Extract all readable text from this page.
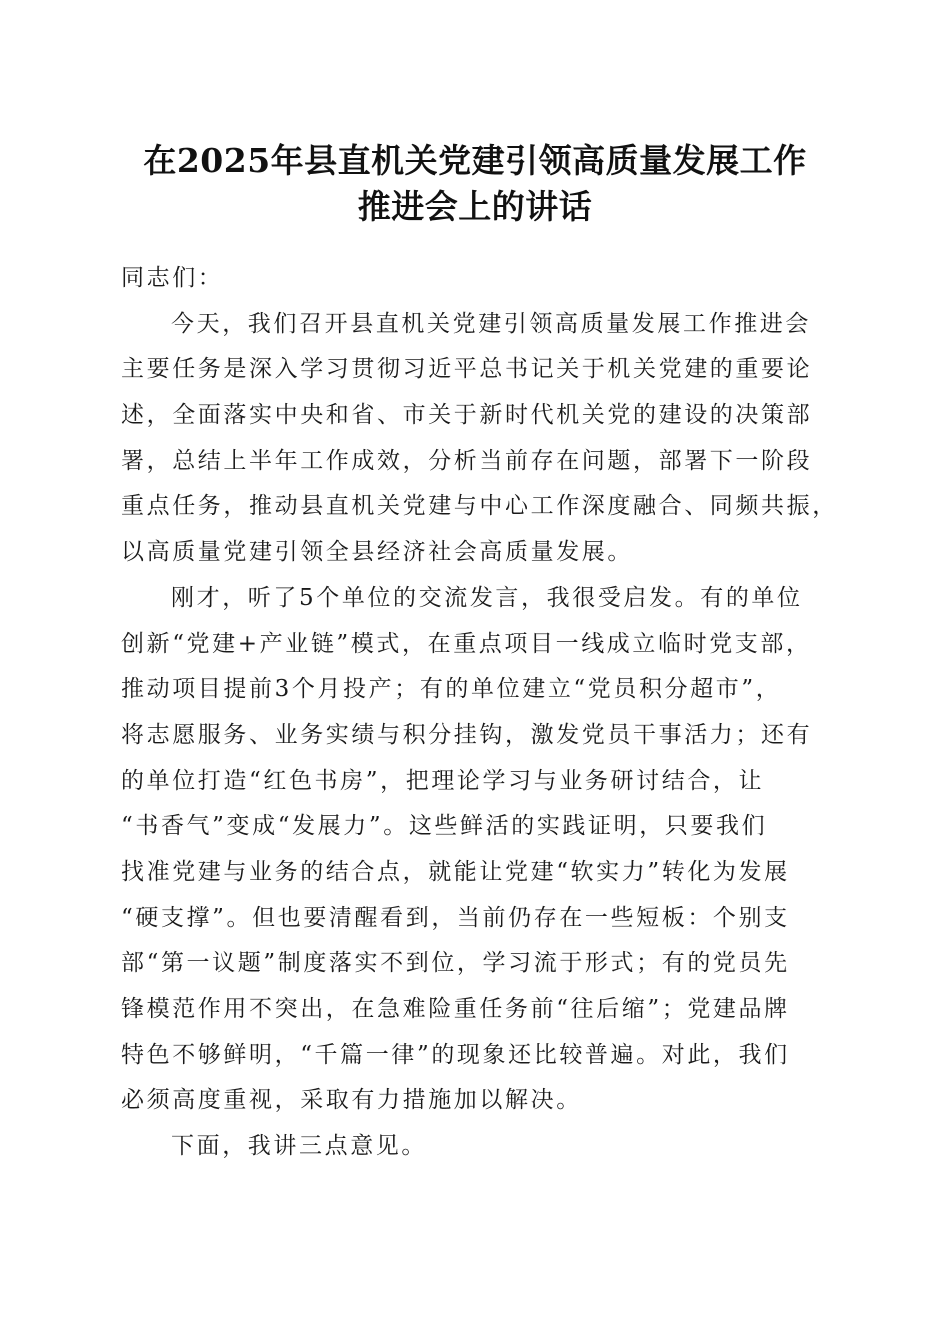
在2025年县直机关党建引领高质量发展工作
推进会上的讲话
同志们：
今天，我们召开县直机关党建引领高质量发展工作推进会
主要任务是深入学习贯彻习近平总书记关于机关党建的重要论
述，全面落实中央和省、市关于新时代机关党的建设的决策部
署，总结上半年工作成效，分析当前存在问题，部署下一阶段
重点任务，推动县直机关党建与中心工作深度融合、同频共振，
以高质量党建引领全县经济社会高质量发展。
刚才，听了5个单位的交流发言，我很受启发。有的单位
创新“党建+产业链”模式，在重点项目一线成立临时党支部，
推动项目提前3个月投产；有的单位建立“党员积分超市”，
将志愿服务、业务实绩与积分挂钩，激发党员干事活力；还有
的单位打造“红色书房”，把理论学习与业务研讨结合，让
“书香气”变成“发展力”。这些鲜活的实践证明，只要我们
找准党建与业务的结合点，就能让党建“软实力”转化为发展
“硬支撑”。但也要清醒看到，当前仍存在一些短板：个别支
部“第一议题”制度落实不到位，学习流于形式；有的党员先
锋模范作用不突出，在急难险重任务前“往后缩”；党建品牌
特色不够鲜明，“千篇一律”的现象还比较普遍。对此，我们
必须高度重视，采取有力措施加以解决。
下面，我讲三点意见。
